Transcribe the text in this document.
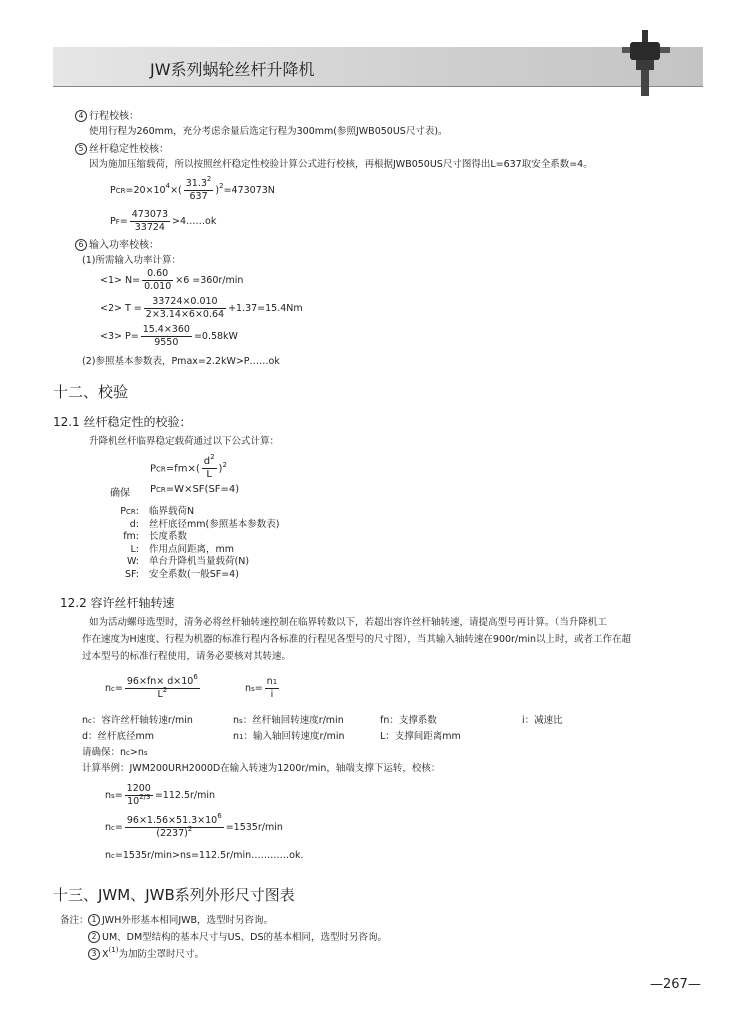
JW系列蜗轮丝杆升降机
4 行程校核：
使用行程为260mm，充分考虑余量后选定行程为300mm(参照JWB050US尺寸表)。
5 丝杆稳定性校核：
因为施加压缩载荷，所以按照丝杆稳定性校验计算公式进行校核，再根据JWB050US尺寸图得出L=637取安全系数=4。
$PCR=20\times 10^4\times( \frac{31.3^2}{637} )^2=473073N$
$PF= \frac{473073}{33724}$ >4……ok
6 输入功率校核：
(1)所需输入功率计算：
$<1> N= \frac{0.60}{0.010} \times 6 =360r/\min$
$<2> T = \frac{33724\times 0.010}{2\times 3.14\times 6\times 0.64} +1.37=15.4Nm$
$<3> P= \frac{15.4\times 360}{9550} =0.58kW$
(2)参照基本参数表，Pmax=2.2kW>P……ok
十二、校验
12.1 丝杆稳定性的校验：
升降机丝杆临界稳定载荷通过以下公式计算：
$PCR=fm\times( \frac{d^2}{L} )^2$
确保 PCR=W×SF(SF=4)
PCR: 临界载荷N
d: 丝杆底径mm(参照基本参数表)
fm: 长度系数
L: 作用点间距离，mm
W: 单台升降机当量载荷(N)
SF: 安全系数(一般SF=4)
12.2 容许丝杆轴转速
如为活动螺母选型时，清务必将丝杆轴转速控制在临界转数以下，若超出容许丝杆轴转速，请提高型号再计算。（当升降机工
作在速度为H速度、行程为机器的标准行程内各标准的行程见各型号的尺寸图），当其输入轴转速在900r/min以上时，或者工作在超
过本型号的标准行程使用，请务必要核对其转速。
$nc= \frac{96\times fn\times d\times 10^6}{L^2}$	$ns= \frac{n1}{i}$
nc：容许丝杆轴转速r/min	ns：丝杆轴回转速度r/min	fn：支撑系数	i：减速比
d：丝杆底径mm	n1：输入轴回转速度r/min	L：支撑间距离mm
请确保：nc>ns
计算举例：JWM200URH2000D在输入转速为1200r/min，轴端支撑下运转，校核：
$ns= \frac{1200}{10^{2/3}} =112.5r/\min$
$nc= \frac{96\times 1.56\times 51.3\times 10^6}{(2237)^2} =1535r/\min$
nc=1535r/min>ns=112.5r/min…………ok.
十三、JWM、JWB系列外形尺寸图表
备注： 1 JWH外形基本相同JWB，选型时另咨询。
2 UM、DM型结构的基本尺寸与US、DS的基本相同，选型时另咨询。
3 $X^{(1)}$为加防尘罩时尺寸。
—267—
